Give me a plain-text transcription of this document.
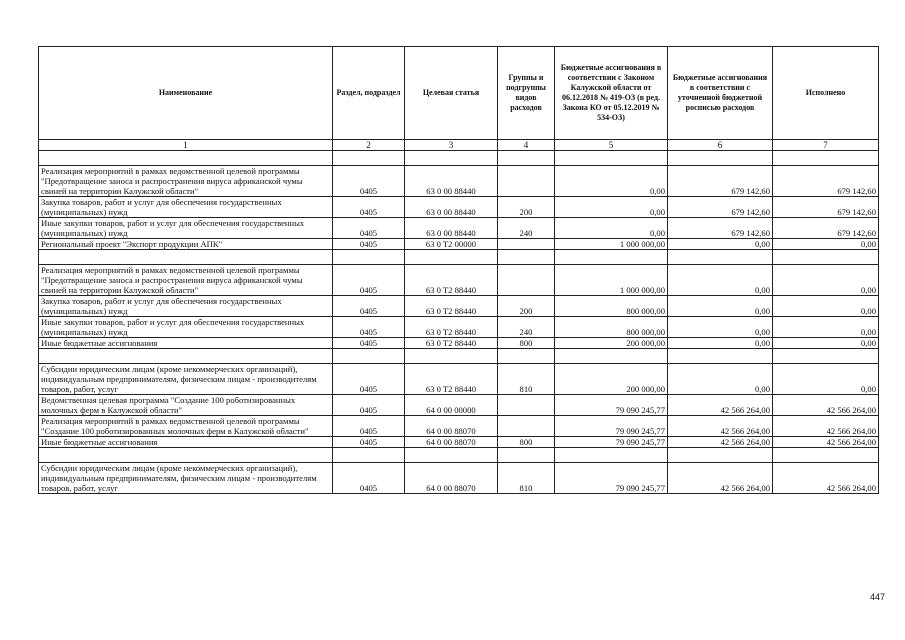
Наименование	Раздел, подраздел	Целевая статья	Группы и подгруппы видов расходов	Бюджетные ассигнования в соответствии с Законом Калужской области от 06.12.2018 № 419-ОЗ (в ред. Закона КО от 05.12.2019 № 534-ОЗ)	Бюджетные ассигнования в соответствии с уточненной бюджетной росписью расходов	Исполнено
1	2	3	4	5	6	7

Реализация мероприятий в рамках ведомственной целевой программы "Предотвращение заноса и распространения вируса африканской чумы свиней на территории Калужской области"	0405	63 0 00 88440		0,00	679 142,60	679 142,60
Закупка товаров, работ и услуг для обеспечения государственных (муниципальных) нужд	0405	63 0 00 88440	200	0,00	679 142,60	679 142,60
Иные закупки товаров, работ и услуг для обеспечения государственных (муниципальных) нужд	0405	63 0 00 88440	240	0,00	679 142,60	679 142,60
Региональный проект "Экспорт продукции АПК"	0405	63 0 T2 00000		1 000 000,00	0,00	0,00

Реализация мероприятий в рамках ведомственной целевой программы "Предотвращение заноса и распространения вируса африканской чумы свиней на территории Калужской области"	0405	63 0 T2 88440		1 000 000,00	0,00	0,00
Закупка товаров, работ и услуг для обеспечения государственных (муниципальных) нужд	0405	63 0 T2 88440	200	800 000,00	0,00	0,00
Иные закупки товаров, работ и услуг для обеспечения государственных (муниципальных) нужд	0405	63 0 T2 88440	240	800 000,00	0,00	0,00
Иные бюджетные ассигнования	0405	63 0 T2 88440	800	200 000,00	0,00	0,00

Субсидии юридическим лицам (кроме некоммерческих организаций), индивидуальным предпринимателям, физическим лицам - производителям товаров, работ, услуг	0405	63 0 T2 88440	810	200 000,00	0,00	0,00
Ведомственная целевая программа "Создание 100 роботизированных молочных ферм в Калужской области"	0405	64 0 00 00000		79 090 245,77	42 566 264,00	42 566 264,00
Реализация мероприятий в рамках ведомственной целевой программы "Создание 100 роботизированных молочных ферм в Калужской области"	0405	64 0 00 88070		79 090 245,77	42 566 264,00	42 566 264,00
Иные бюджетные ассигнования	0405	64 0 00 88070	800	79 090 245,77	42 566 264,00	42 566 264,00

Субсидии юридическим лицам (кроме некоммерческих организаций), индивидуальным предпринимателям, физическим лицам - производителям товаров, работ, услуг	0405	64 0 00 88070	810	79 090 245,77	42 566 264,00	42 566 264,00
447
